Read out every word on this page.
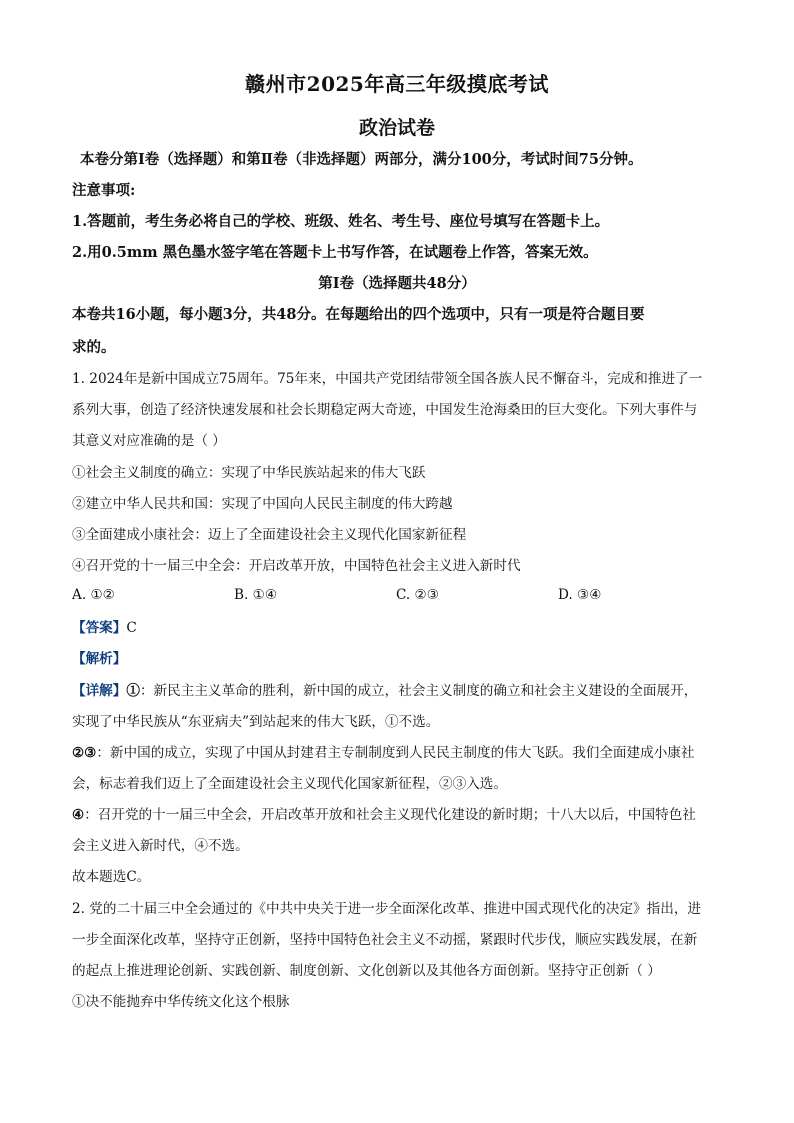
赣州市2025年高三年级摸底考试
政治试卷
本卷分第Ⅰ卷（选择题）和第Ⅱ卷（非选择题）两部分，满分100分，考试时间75分钟。
注意事项:
1.答题前，考生务必将自己的学校、班级、姓名、考生号、座位号填写在答题卡上。
2.用0.5mm 黑色墨水签字笔在答题卡上书写作答，在试题卷上作答，答案无效。
第Ⅰ卷（选择题共48分）
本卷共16小题，每小题3分，共48分。在每题给出的四个选项中，只有一项是符合题目要
求的。
1. 2024年是新中国成立75周年。75年来，中国共产党团结带领全国各族人民不懈奋斗，完成和推进了一
系列大事，创造了经济快速发展和社会长期稳定两大奇迹，中国发生沧海桑田的巨大变化。下列大事件与
其意义对应准确的是（ ）
①社会主义制度的确立：实现了中华民族站起来的伟大飞跃
②建立中华人民共和国：实现了中国向人民民主制度的伟大跨越
③全面建成小康社会：迈上了全面建设社会主义现代化国家新征程
④召开党的十一届三中全会：开启改革开放，中国特色社会主义进入新时代
A. ①②	B. ①④	C. ②③	D. ③④
【答案】C
【解析】
【详解】①：新民主主义革命的胜利，新中国的成立，社会主义制度的确立和社会主义建设的全面展开，
实现了中华民族从“东亚病夫”到站起来的伟大飞跃，①不选。
②③：新中国的成立，实现了中国从封建君主专制制度到人民民主制度的伟大飞跃。我们全面建成小康社
会，标志着我们迈上了全面建设社会主义现代化国家新征程，②③入选。
④：召开党的十一届三中全会，开启改革开放和社会主义现代化建设的新时期；十八大以后，中国特色社
会主义进入新时代，④不选。
故本题选C。
2. 党的二十届三中全会通过的《中共中央关于进一步全面深化改革、推进中国式现代化的决定》指出，进
一步全面深化改革，坚持守正创新，坚持中国特色社会主义不动摇，紧跟时代步伐，顺应实践发展，在新
的起点上推进理论创新、实践创新、制度创新、文化创新以及其他各方面创新。坚持守正创新（ ）
①决不能抛弃中华传统文化这个根脉
